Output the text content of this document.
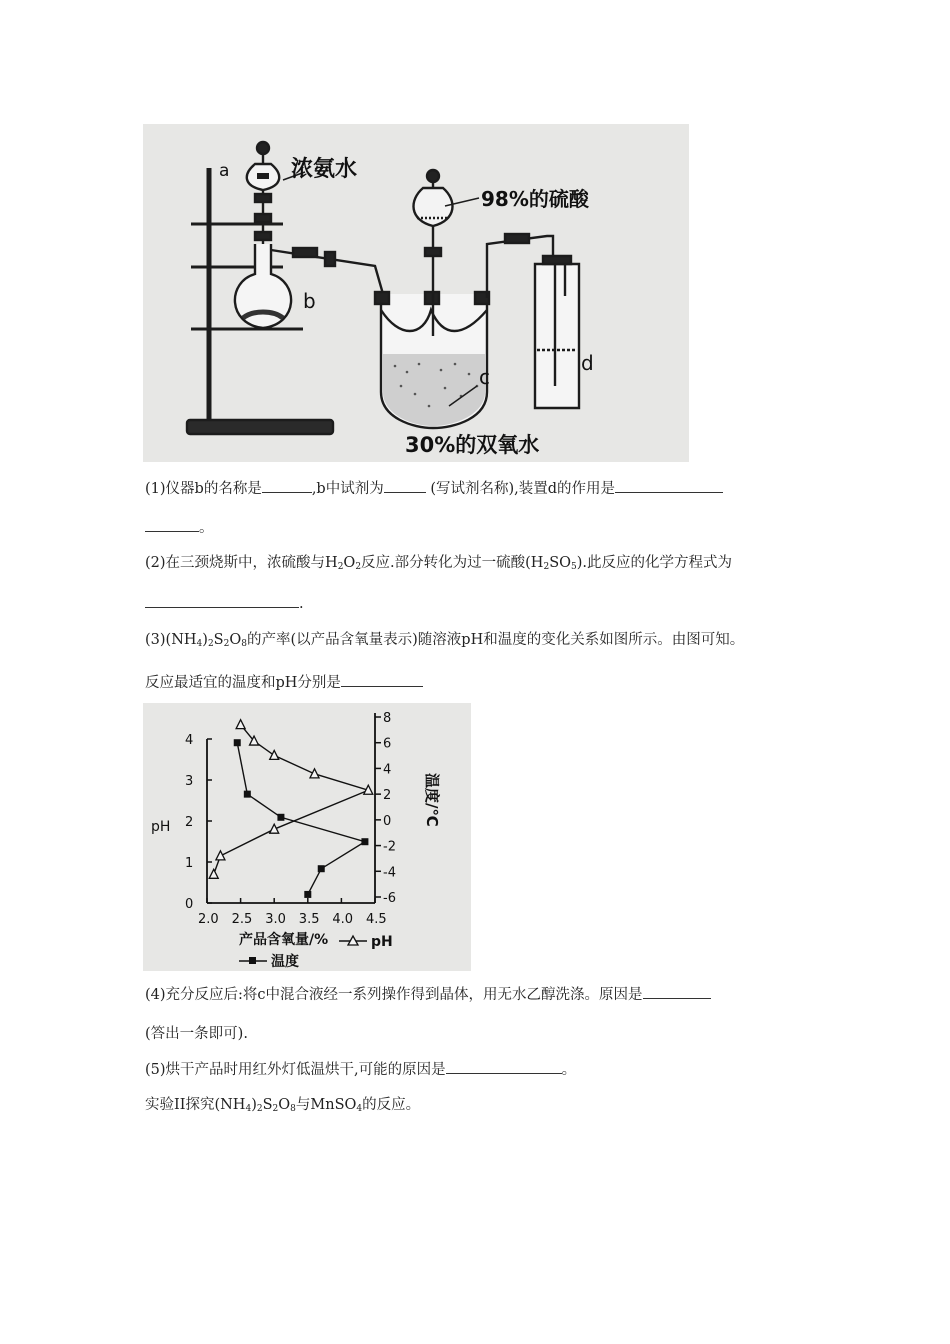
a	浓氨水
b
98%的硫酸
c
d
30%的双氧水
(1)仪器b的名称是	,b中试剂为	(写试剂名称),装置d的作用是
。
(2)在三颈烧斯中，浓硫酸与$H_2O_2$反应.部分转化为过一硫酸$(H_2SO_5)$.此反应的化学方程式为
.
$(3)(NH_4)_2S_2O_8$的产率(以产品含氧量表示)随溶液pH和温度的变化关系如图所示。由图可知。
反应最适宜的温度和pH分别是
2.0 2.5 3.0 3.5 4.0 4.5
0
1
2
3
4
-6
-4
-2
0
2
4
6
8
pH
温度/℃
产品含氧量/%	pH
温度
(4)充分反应后:将c中混合液经一系列操作得到晶体，用无水乙醇洗涤。原因是
(答出一条即可).
(5)烘干产品时用红外灯低温烘干,可能的原因是	。
实验II探究$(NH_4)_2S_2O_8$与MnSO$_4$的反应。
